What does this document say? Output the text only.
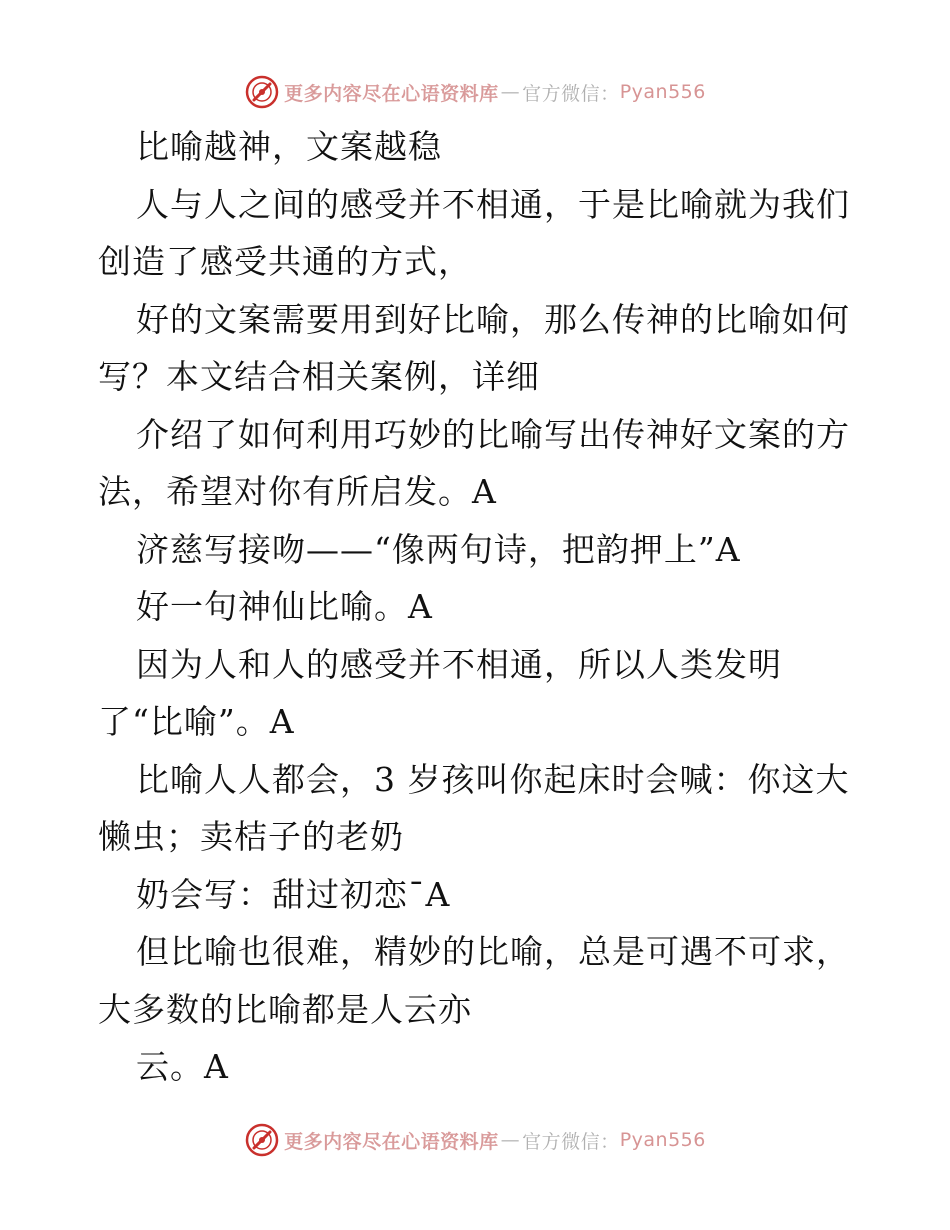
更多内容尽在心语资料库 — 官方微信： Pyan556
比喻越神，文案越稳
人与人之间的感受并不相通，于是比喻就为我们
创造了感受共通的方式，
好的文案需要用到好比喻，那么传神的比喻如何
写？本文结合相关案例，详细
介绍了如何利用巧妙的比喻写出传神好文案的方
法，希望对你有所启发。A
济慈写接吻——“像两句诗，把韵押上”A
好一句神仙比喻。A
因为人和人的感受并不相通，所以人类发明
了“比喻”。A
比喻人人都会，3 岁孩叫你起床时会喊：你这大
懒虫；卖桔子的老奶
奶会写：甜过初恋¯A
但比喻也很难，精妙的比喻，总是可遇不可求，
大多数的比喻都是人云亦
云。A
更多内容尽在心语资料库 — 官方微信： Pyan556
